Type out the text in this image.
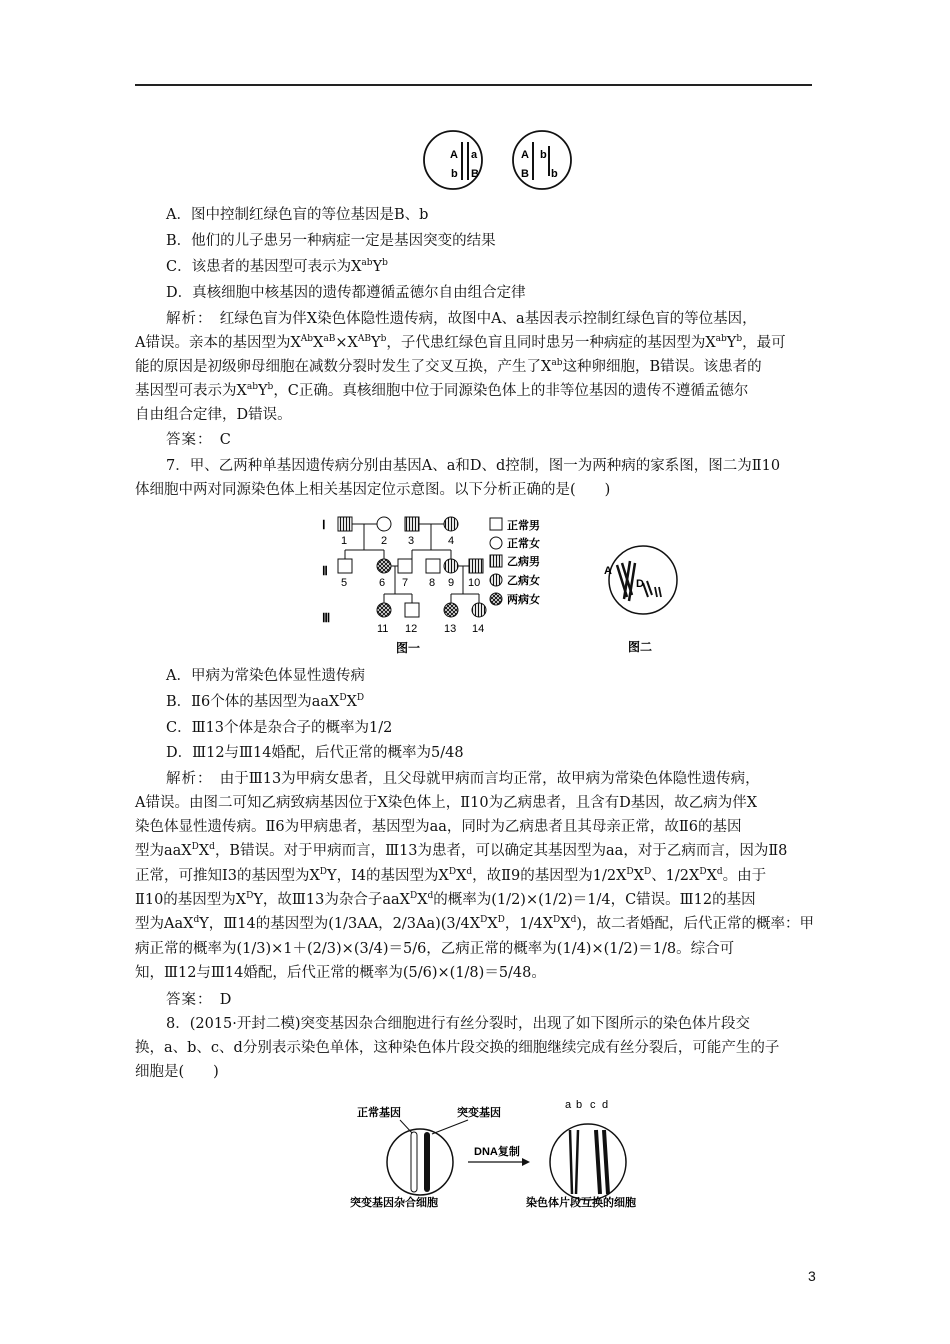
A a
b B
A b
B b
A．图中控制红绿色盲的等位基因是B、b
B．他们的儿子患另一种病症一定是基因突变的结果
C．该患者的基因型可表示为$X^{ab}Y^b$
D．真核细胞中核基因的遗传都遵循孟德尔自由组合定律
解析：　 红绿色盲为伴X染色体隐性遗传病，故图中A、a基因表示控制红绿色盲的等位基因，
A错误。亲本的基因型为$X^{Ab}X^{aB}\times X^{AB}Y^b$，子代患红绿色盲且同时患另一种病症的基因型为$X^{ab}Y^b$，最可
能的原因是初级卵母细胞在减数分裂时发生了交叉互换，产生了$X^{ab}$这种卵细胞，B错误。该患者的
基因型可表示为$X^{ab}Y^b$，C正确。真核细胞中位于同源染色体上的非等位基因的遗传不遵循孟德尔
自由组合定律，D错误。
答案：　 C
7．甲、乙两种单基因遗传病分别由基因A、a和D、d控制，图一为两种病的家系图，图二为Ⅱ10
体细胞中两对同源染色体上相关基因定位示意图。以下分析正确的是(　　)
Ⅰ
Ⅱ
Ⅲ
1	2 3	4
5	6 7 8 9 10
11 12 13 14
正常男
正常女
乙病男
乙病女
两病女
图一
A
D
图二
A．甲病为常染色体显性遗传病
B．Ⅱ6个体的基因型为$aaX^DX^D$
C．Ⅲ13个体是杂合子的概率为1/2
D．Ⅲ12与Ⅲ14婚配，后代正常的概率为5/48
解析：　 由于Ⅲ13为甲病女患者，且父母就甲病而言均正常，故甲病为常染色体隐性遗传病，
A错误。由图二可知乙病致病基因位于X染色体上，Ⅱ10为乙病患者，且含有D基因，故乙病为伴X
染色体显性遗传病。Ⅱ6为甲病患者，基因型为aa，同时为乙病患者且其母亲正常，故Ⅱ6的基因
型为$aaX^DX^d$，B错误。对于甲病而言，Ⅲ13为患者，可以确定其基因型为aa，对于乙病而言，因为Ⅱ8
正常，可推知Ⅰ3的基因型为$X^DY$，Ⅰ4的基因型为$X^DX^d$，故Ⅱ9的基因型为$1/2X^DX^D$、$1/2X^DX^d$。由于
Ⅱ10的基因型为$X^DY$，故Ⅲ13为杂合子$aaX^DX^d$的概率为(1/2)×(1/2)＝1/4，C错误。Ⅲ12的基因
型为AaX$^d$Y，Ⅲ14的基因型为(1/3AA，$2/3Aa)(3/4X^DX^D$，$1/4X^DX^d$)，故二者婚配，后代正常的概率：甲
病正常的概率为(1/3)×1＋(2/3)×(3/4)＝5/6，乙病正常的概率为(1/4)×(1/2)＝1/8。综合可
知，Ⅲ12与Ⅲ14婚配，后代正常的概率为(5/6)×(1/8)＝5/48。
答案：　 D
8．(2015·开封二模)突变基因杂合细胞进行有丝分裂时，出现了如下图所示的染色体片段交
换，a、b、c、d分别表示染色单体，这种染色体片段交换的细胞继续完成有丝分裂后，可能产生的子
细胞是(　　)
正常基因	突变基因
DNA复制
a b c d
突变基因杂合细胞	染色体片段互换的细胞
3
